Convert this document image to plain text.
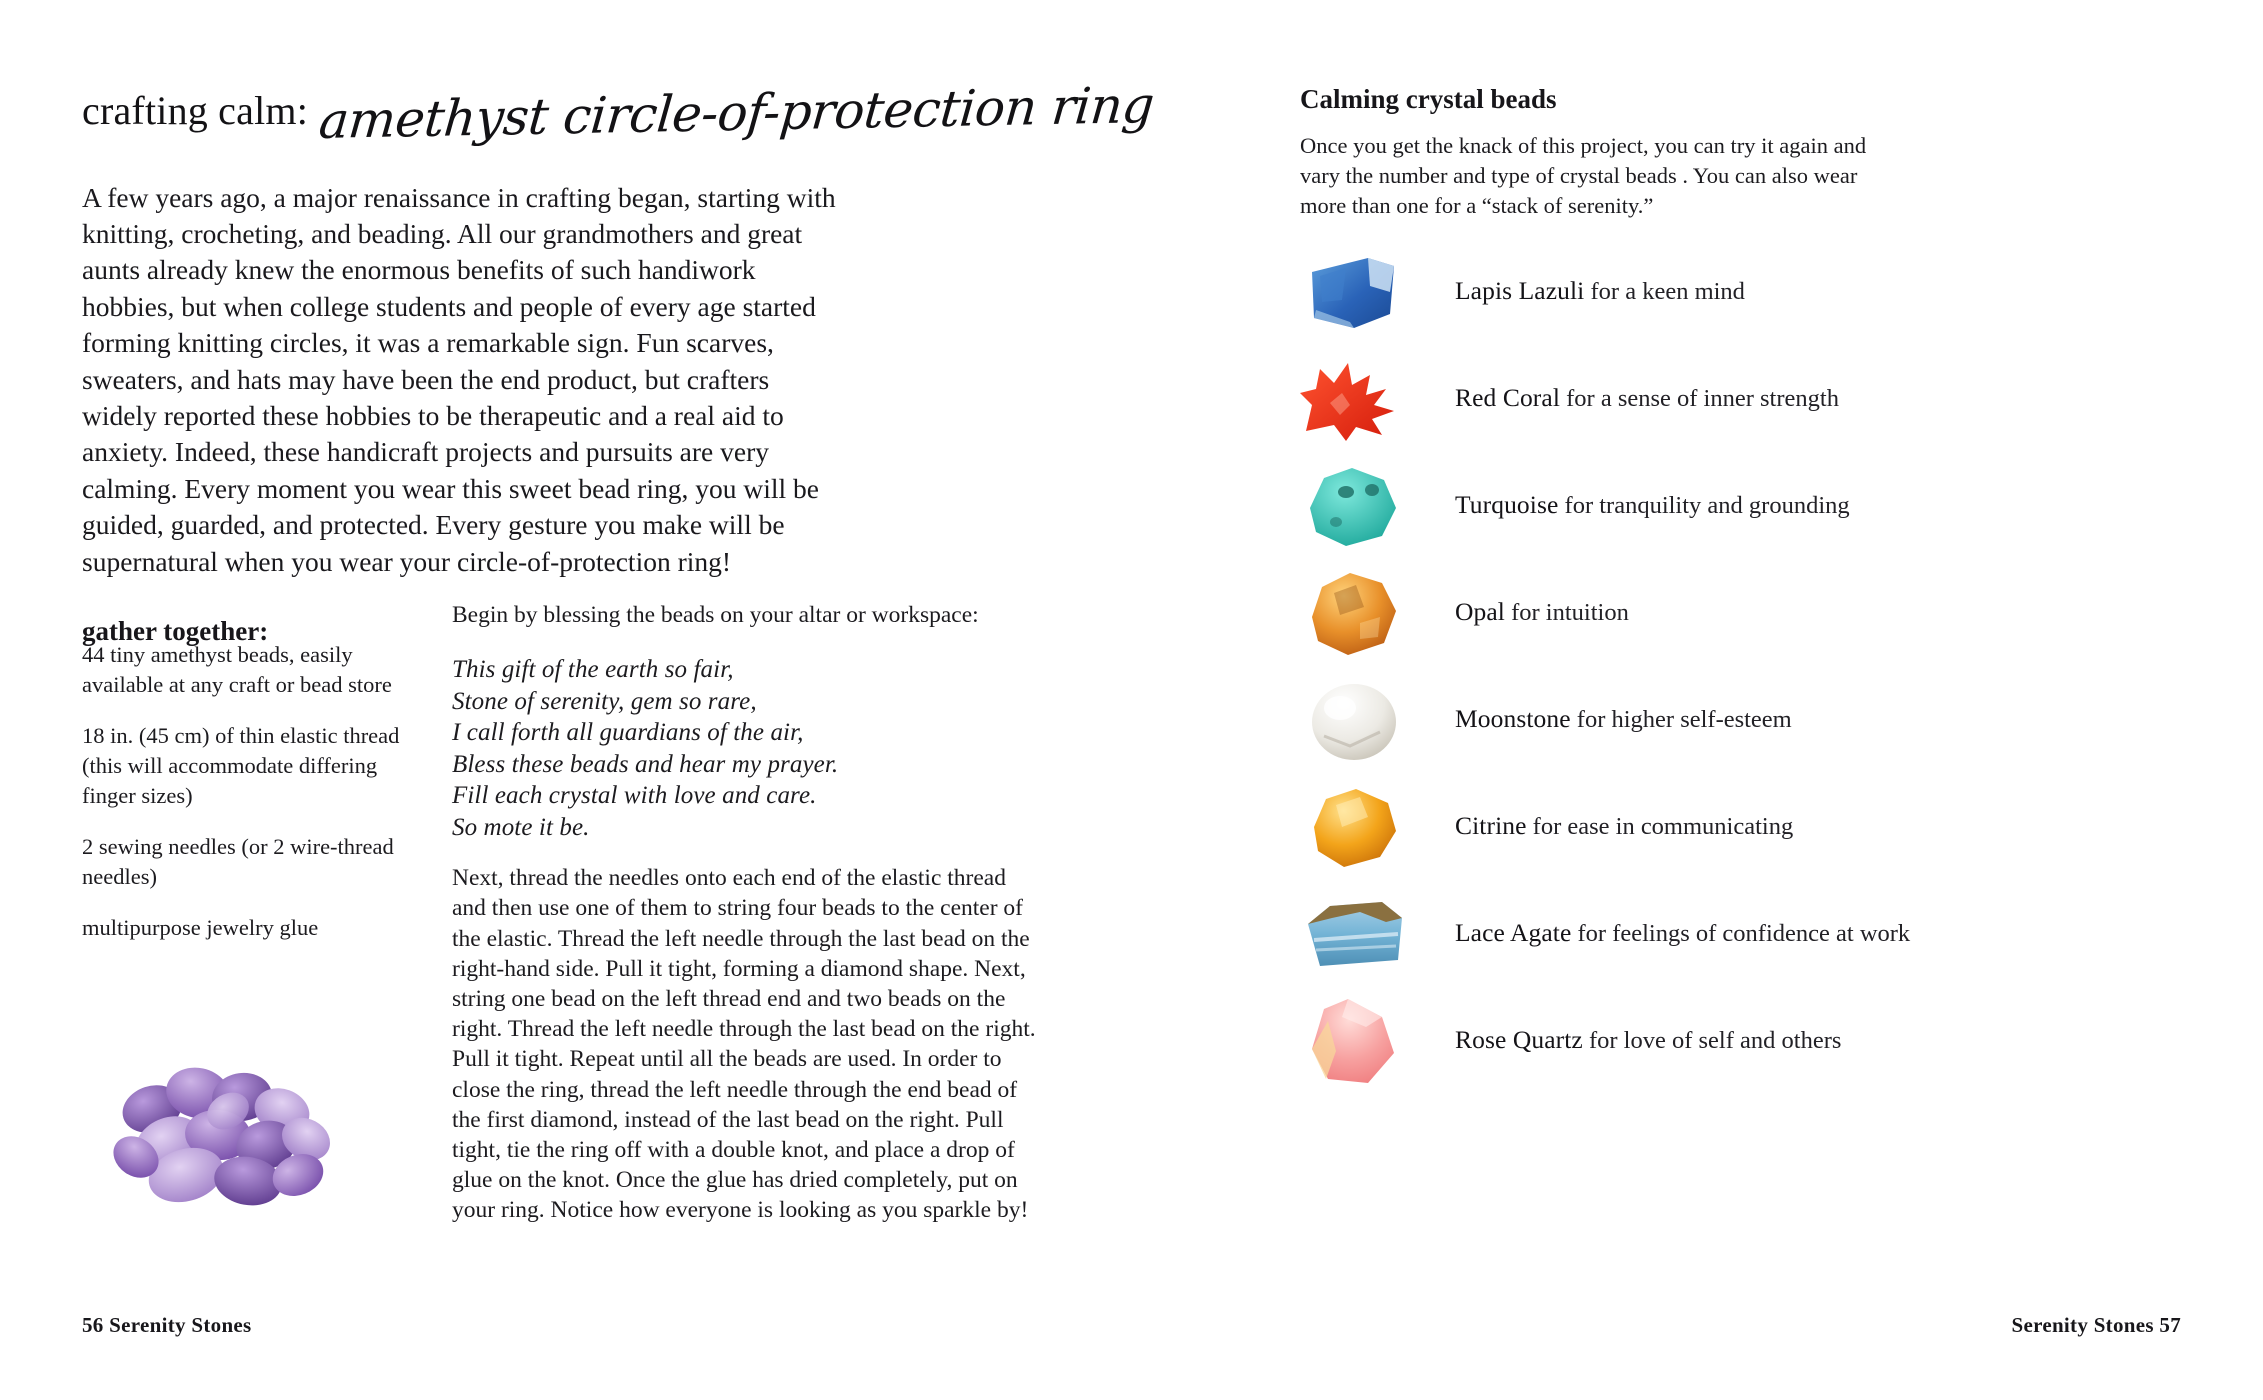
crafting calm: amethyst circle-of-protection ring

A few years ago, a major renaissance in crafting began, starting with knitting, crocheting, and beading. All our grandmothers and great aunts already knew the enormous benefits of such handiwork hobbies, but when college students and people of every age started forming knitting circles, it was a remarkable sign. Fun scarves, sweaters, and hats may have been the end product, but crafters widely reported these hobbies to be therapeutic and a real aid to anxiety. Indeed, these handicraft projects and pursuits are very calming. Every moment you wear this sweet bead ring, you will be guided, guarded, and protected. Every gesture you make will be supernatural when you wear your circle-of-protection ring!

gather together:
44 tiny amethyst beads, easily available at any craft or bead store
18 in. (45 cm) of thin elastic thread (this will accommodate differing finger sizes)
2 sewing needles (or 2 wire-thread needles)
multipurpose jewelry glue

Begin by blessing the beads on your altar or workspace:

This gift of the earth so fair,
Stone of serenity, gem so rare,
I call forth all guardians of the air,
Bless these beads and hear my prayer.
Fill each crystal with love and care.
So mote it be.

Next, thread the needles onto each end of the elastic thread and then use one of them to string four beads to the center of the elastic. Thread the left needle through the last bead on the right-hand side. Pull it tight, forming a diamond shape. Next, string one bead on the left thread end and two beads on the right. Thread the left needle through the last bead on the right. Pull it tight. Repeat until all the beads are used. In order to close the ring, thread the left needle through the end bead of the first diamond, instead of the last bead on the right. Pull tight, tie the ring off with a double knot, and place a drop of glue on the knot. Once the glue has dried completely, put on your ring. Notice how everyone is looking as you sparkle by!

56 Serenity Stones
Calming crystal beads

Once you get the knack of this project, you can try it again and vary the number and type of crystal beads . You can also wear more than one for a “stack of serenity.”

Lapis Lazuli for a keen mind
Red Coral for a sense of inner strength
Turquoise for tranquility and grounding
Opal for intuition
Moonstone for higher self-esteem
Citrine for ease in communicating
Lace Agate for feelings of confidence at work
Rose Quartz for love of self and others
Serenity Stones 57
